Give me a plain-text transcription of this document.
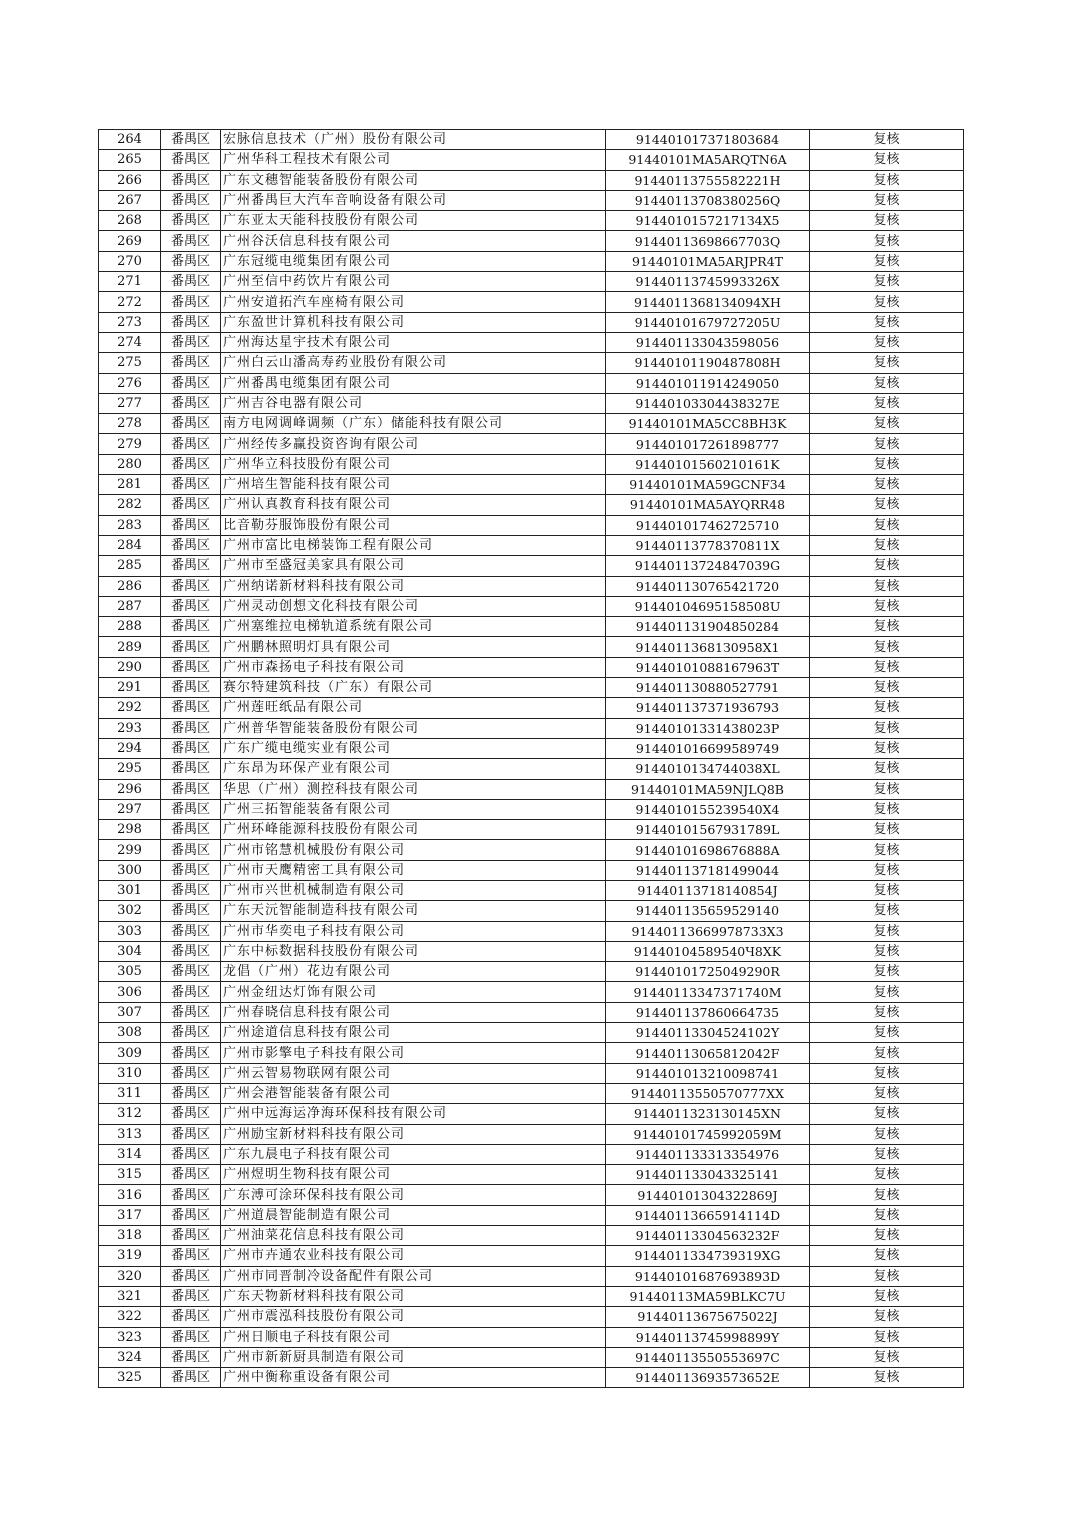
264	番禺区	宏脉信息技术（广州）股份有限公司	914401017371803684	复核
265	番禺区	广州华科工程技术有限公司	91440101MA5ARQTN6A	复核
266	番禺区	广东文穗智能装备股份有限公司	91440113755582221H	复核
267	番禺区	广州番禺巨大汽车音响设备有限公司	91440113708380256Q	复核
268	番禺区	广东亚太天能科技股份有限公司	91440101572171З4X5	复核
269	番禺区	广州谷沃信息科技有限公司	91440113698667703Q	复核
270	番禺区	广东冠缆电缆集团有限公司	91440101MA5ARJPR4T	复核
271	番禺区	广州至信中药饮片有限公司	91440113745993326X	复核
272	番禺区	广州安道拓汽车座椅有限公司	91440113681З4094XH	复核
273	番禺区	广东盈世计算机科技有限公司	91440101679727205U	复核
274	番禺区	广州海达星宇技术有限公司	914401133043598056	复核
275	番禺区	广州白云山潘高寿药业股份有限公司	91440101190487808H	复核
276	番禺区	广州番禺电缆集团有限公司	914401011914249050	复核
277	番禺区	广州吉谷电器有限公司	91440103304438327E	复核
278	番禺区	南方电网调峰调频（广东）储能科技有限公司	91440101MA5CC8BH3K	复核
279	番禺区	广州经传多赢投资咨询有限公司	914401017261898777	复核
280	番禺区	广州华立科技股份有限公司	91440101560210161K	复核
281	番禺区	广州培生智能科技有限公司	91440101MA59GCNF34	复核
282	番禺区	广州认真教育科技有限公司	91440101MA5AYQRR48	复核
283	番禺区	比音勒芬服饰股份有限公司	914401017462725710	复核
284	番禺区	广州市富比电梯装饰工程有限公司	91440113778370811X	复核
285	番禺区	广州市至盛冠美家具有限公司	91440113724847039G	复核
286	番禺区	广州纳诺新材料科技有限公司	914401130765421720	复核
287	番禺区	广州灵动创想文化科技有限公司	91440104695158508U	复核
288	番禺区	广州塞维拉电梯轨道系统有限公司	914401131904850284	复核
289	番禺区	广州鹏林照明灯具有限公司	91440113681З0958X1	复核
290	番禺区	广州市森扬电子科技有限公司	91440101088167963T	复核
291	番禺区	赛尔特建筑科技（广东）有限公司	914401130880527791	复核
292	番禺区	广州莲旺纸品有限公司	914401137371936793	复核
293	番禺区	广州普华智能装备股份有限公司	91440101331438023P	复核
294	番禺区	广东广缆电缆实业有限公司	914401016699589749	复核
295	番禺区	广东昂为环保产业有限公司	91440101З4744038XL	复核
296	番禺区	华思（广州）测控科技有限公司	91440101MA59NJLQ8B	复核
297	番禺区	广州三拓智能装备有限公司	91440101552З9540X4	复核
298	番禺区	广州环峰能源科技股份有限公司	91440101567931789L	复核
299	番禺区	广州市铭慧机械股份有限公司	91440101698676888A	复核
300	番禺区	广州市天鹰精密工具有限公司	914401137181499044	复核
301	番禺区	广州市兴世机械制造有限公司	91440113718140854J	复核
302	番禺区	广东天沅智能制造科技有限公司	914401135659529140	复核
303	番禺区	广州市华奕电子科技有限公司	91440113669978733X3	复核
304	番禺区	广东中标数据科技股份有限公司	91440104589540Ч8XK	复核
305	番禺区	龙倡（广州）花边有限公司	91440101725049290R	复核
306	番禺区	广州金纽达灯饰有限公司	91440113347371740M	复核
307	番禺区	广州春晓信息科技有限公司	914401137860664735	复核
308	番禺区	广州途道信息科技有限公司	91440113304524102Y	复核
309	番禺区	广州市影擎电子科技有限公司	91440113065812042F	复核
310	番禺区	广州云智易物联网有限公司	914401013210098741	复核
311	番禺区	广州会港智能装备有限公司	91440113550570777XX	复核
312	番禺区	广州中远海运净海环保科技有限公司	91440113231З0145XN	复核
313	番禺区	广州励宝新材料科技有限公司	91440101745992059M	复核
314	番禺区	广东九晨电子科技有限公司	914401133313354976	复核
315	番禺区	广州煜明生物科技有限公司	914401133043325141	复核
316	番禺区	广东溥可涂环保科技有限公司	91440101304322869J	复核
317	番禺区	广州道晨智能制造有限公司	91440113665914114D	复核
318	番禺区	广州油菜花信息科技有限公司	91440113304563232F	复核
319	番禺区	广州市卉通农业科技有限公司	91440113347З9319XG	复核
320	番禺区	广州市同晋制冷设备配件有限公司	91440101687693893D	复核
321	番禺区	广东天物新材料科技有限公司	91440113MA59BLKC7U	复核
322	番禺区	广州市震泓科技股份有限公司	91440113675675022J	复核
323	番禺区	广州日顺电子科技有限公司	91440113745998899Y	复核
324	番禺区	广州市新新厨具制造有限公司	91440113550553697C	复核
325	番禺区	广州中衡称重设备有限公司	91440113693573652E	复核
